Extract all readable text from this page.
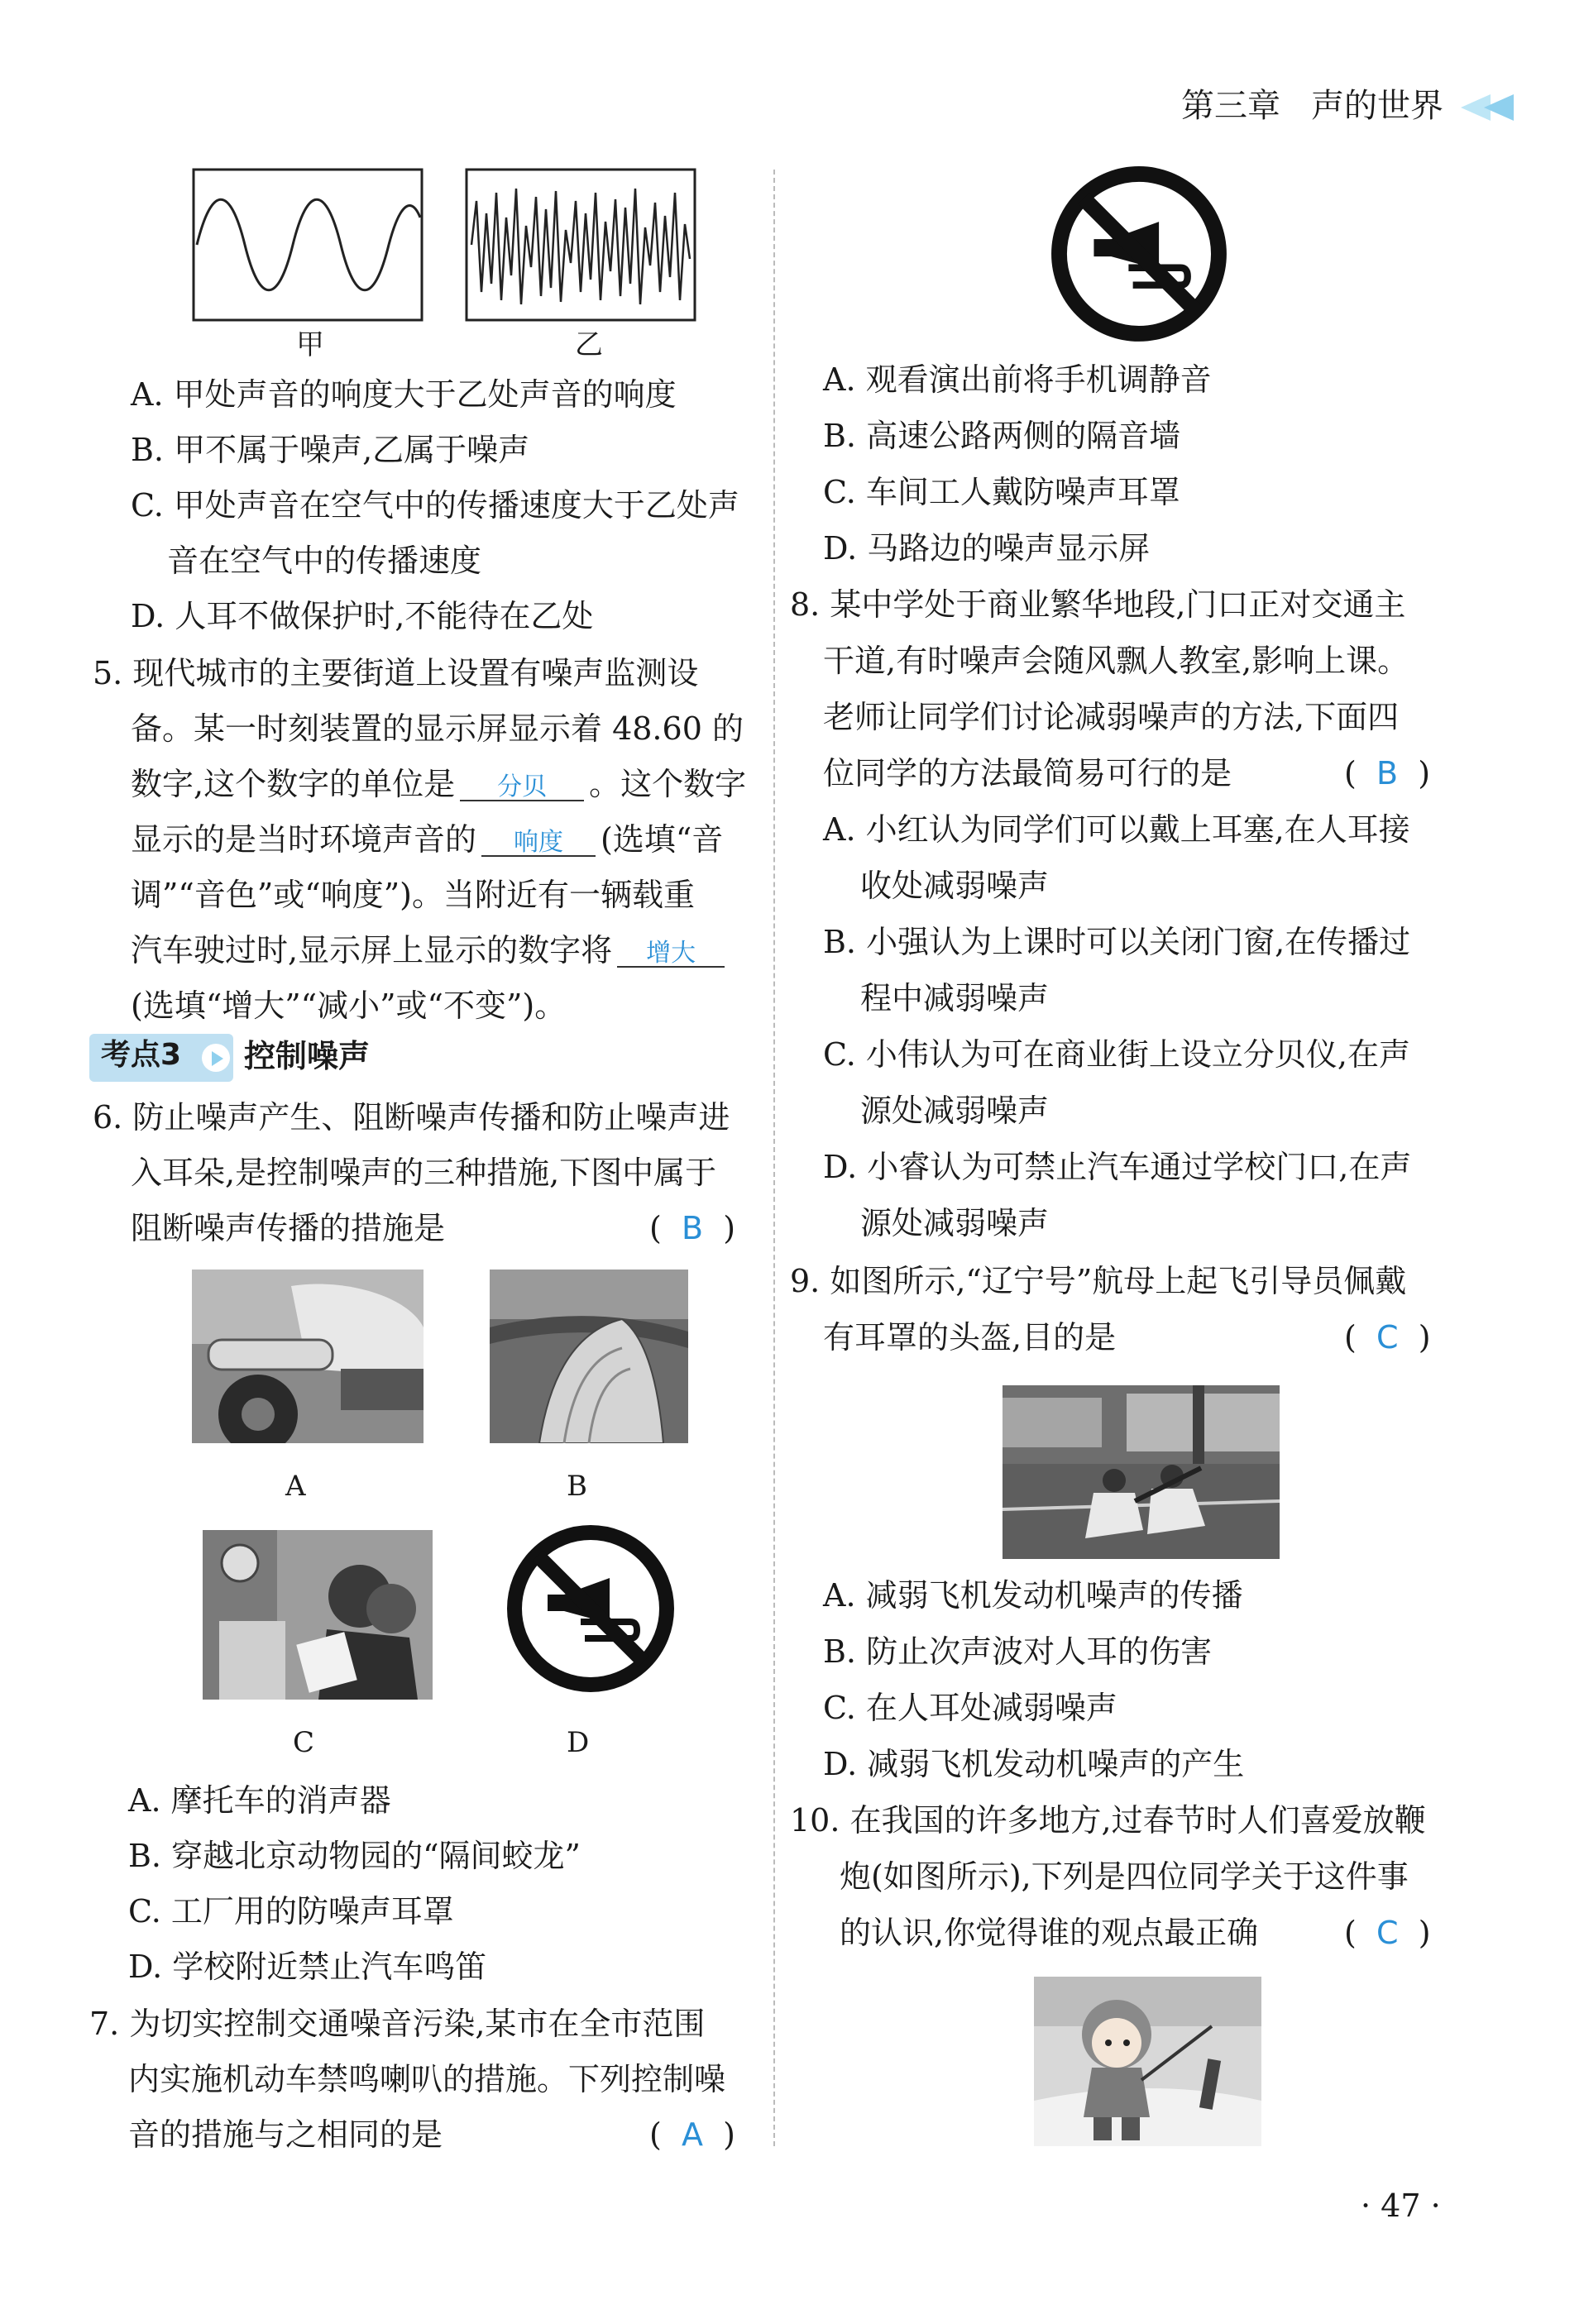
第三章 声的世界
甲	乙
A. 甲处声音的响度大于乙处声音的响度
B. 甲不属于噪声,乙属于噪声
C. 甲处声音在空气中的传播速度大于乙处声
音在空气中的传播速度
D. 人耳不做保护时,不能待在乙处
5. 现代城市的主要街道上设置有噪声监测设
备。某一时刻装置的显示屏显示着 48.60 的
数字,这个数字的单位是 分贝 。这个数字
显示的是当时环境声音的 响度 (选填“音
调”“音色”或“响度”)。当附近有一辆载重
汽车驶过时,显示屏上显示的数字将 增大
(选填“增大”“减小”或“不变”)。
考点3 控制噪声
6. 防止噪声产生、阻断噪声传播和防止噪声进
入耳朵,是控制噪声的三种措施,下图中属于
阻断噪声传播的措施是	(  B  )
A	B
C	D
A. 摩托车的消声器
B. 穿越北京动物园的“隔间蛟龙”
C. 工厂用的防噪声耳罩
D. 学校附近禁止汽车鸣笛
7. 为切实控制交通噪音污染,某市在全市范围
内实施机动车禁鸣喇叭的措施。下列控制噪
音的措施与之相同的是	(  A  )
A. 观看演出前将手机调静音
B. 高速公路两侧的隔音墙
C. 车间工人戴防噪声耳罩
D. 马路边的噪声显示屏
8. 某中学处于商业繁华地段,门口正对交通主
干道,有时噪声会随风飘人教室,影响上课。
老师让同学们讨论减弱噪声的方法,下面四
位同学的方法最简易可行的是	(  B  )
A. 小红认为同学们可以戴上耳塞,在人耳接
收处减弱噪声
B. 小强认为上课时可以关闭门窗,在传播过
程中减弱噪声
C. 小伟认为可在商业街上设立分贝仪,在声
源处减弱噪声
D. 小睿认为可禁止汽车通过学校门口,在声
源处减弱噪声
9. 如图所示,“辽宁号”航母上起飞引导员佩戴
有耳罩的头盔,目的是	(  C  )
A. 减弱飞机发动机噪声的传播
B. 防止次声波对人耳的伤害
C. 在人耳处减弱噪声
D. 减弱飞机发动机噪声的产生
10. 在我国的许多地方,过春节时人们喜爱放鞭
炮(如图所示),下列是四位同学关于这件事
的认识,你觉得谁的观点最正确	(  C  )
· 47 ·
